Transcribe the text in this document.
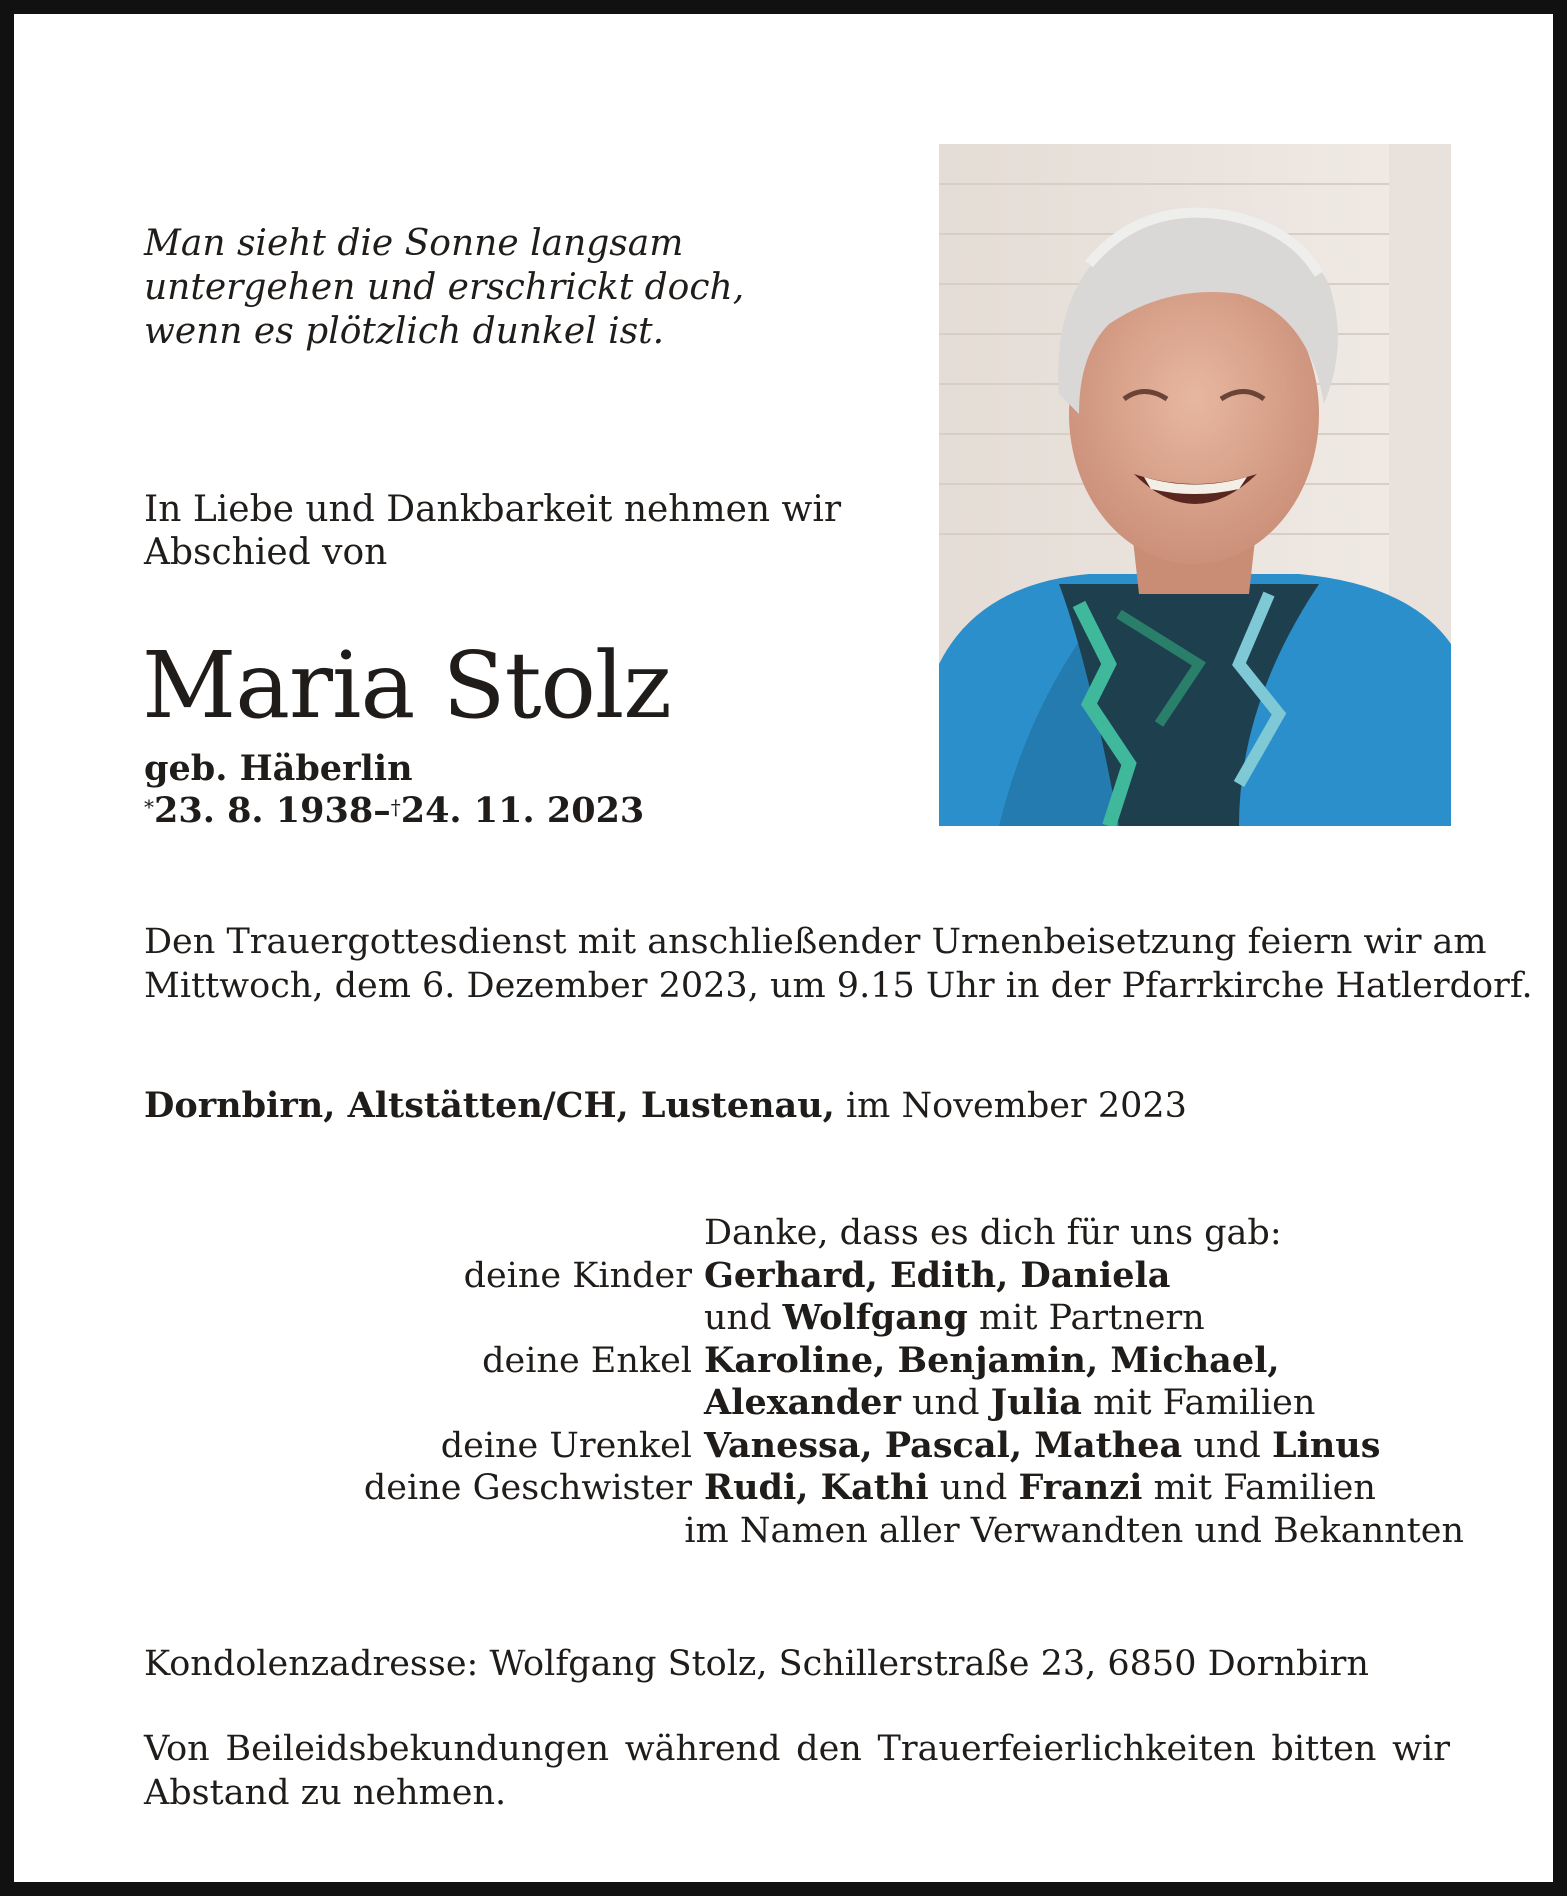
Man sieht die Sonne langsam
untergehen und erschrickt doch,
wenn es plötzlich dunkel ist.
In Liebe und Dankbarkeit nehmen wir
Abschied von
Maria Stolz
geb. Häberlin
*23. 8. 1938–†24. 11. 2023
Den Trauergottesdienst mit anschließender Urnenbeisetzung feiern wir am
Mittwoch, dem 6. Dezember 2023, um 9.15 Uhr in der Pfarrkirche Hatlerdorf.
Dornbirn, Altstätten/CH, Lustenau, im November 2023
Danke, dass es dich für uns gab:
deine Kinder Gerhard, Edith, Daniela
und Wolfgang mit Partnern
deine Enkel Karoline, Benjamin, Michael,
Alexander und Julia mit Familien
deine Urenkel Vanessa, Pascal, Mathea und Linus
deine Geschwister Rudi, Kathi und Franzi mit Familien
im Namen aller Verwandten und Bekannten
Kondolenzadresse: Wolfgang Stolz, Schillerstraße 23, 6850 Dornbirn
Von Beileidsbekundungen während den Trauerfeierlichkeiten bitten wir
Abstand zu nehmen.
